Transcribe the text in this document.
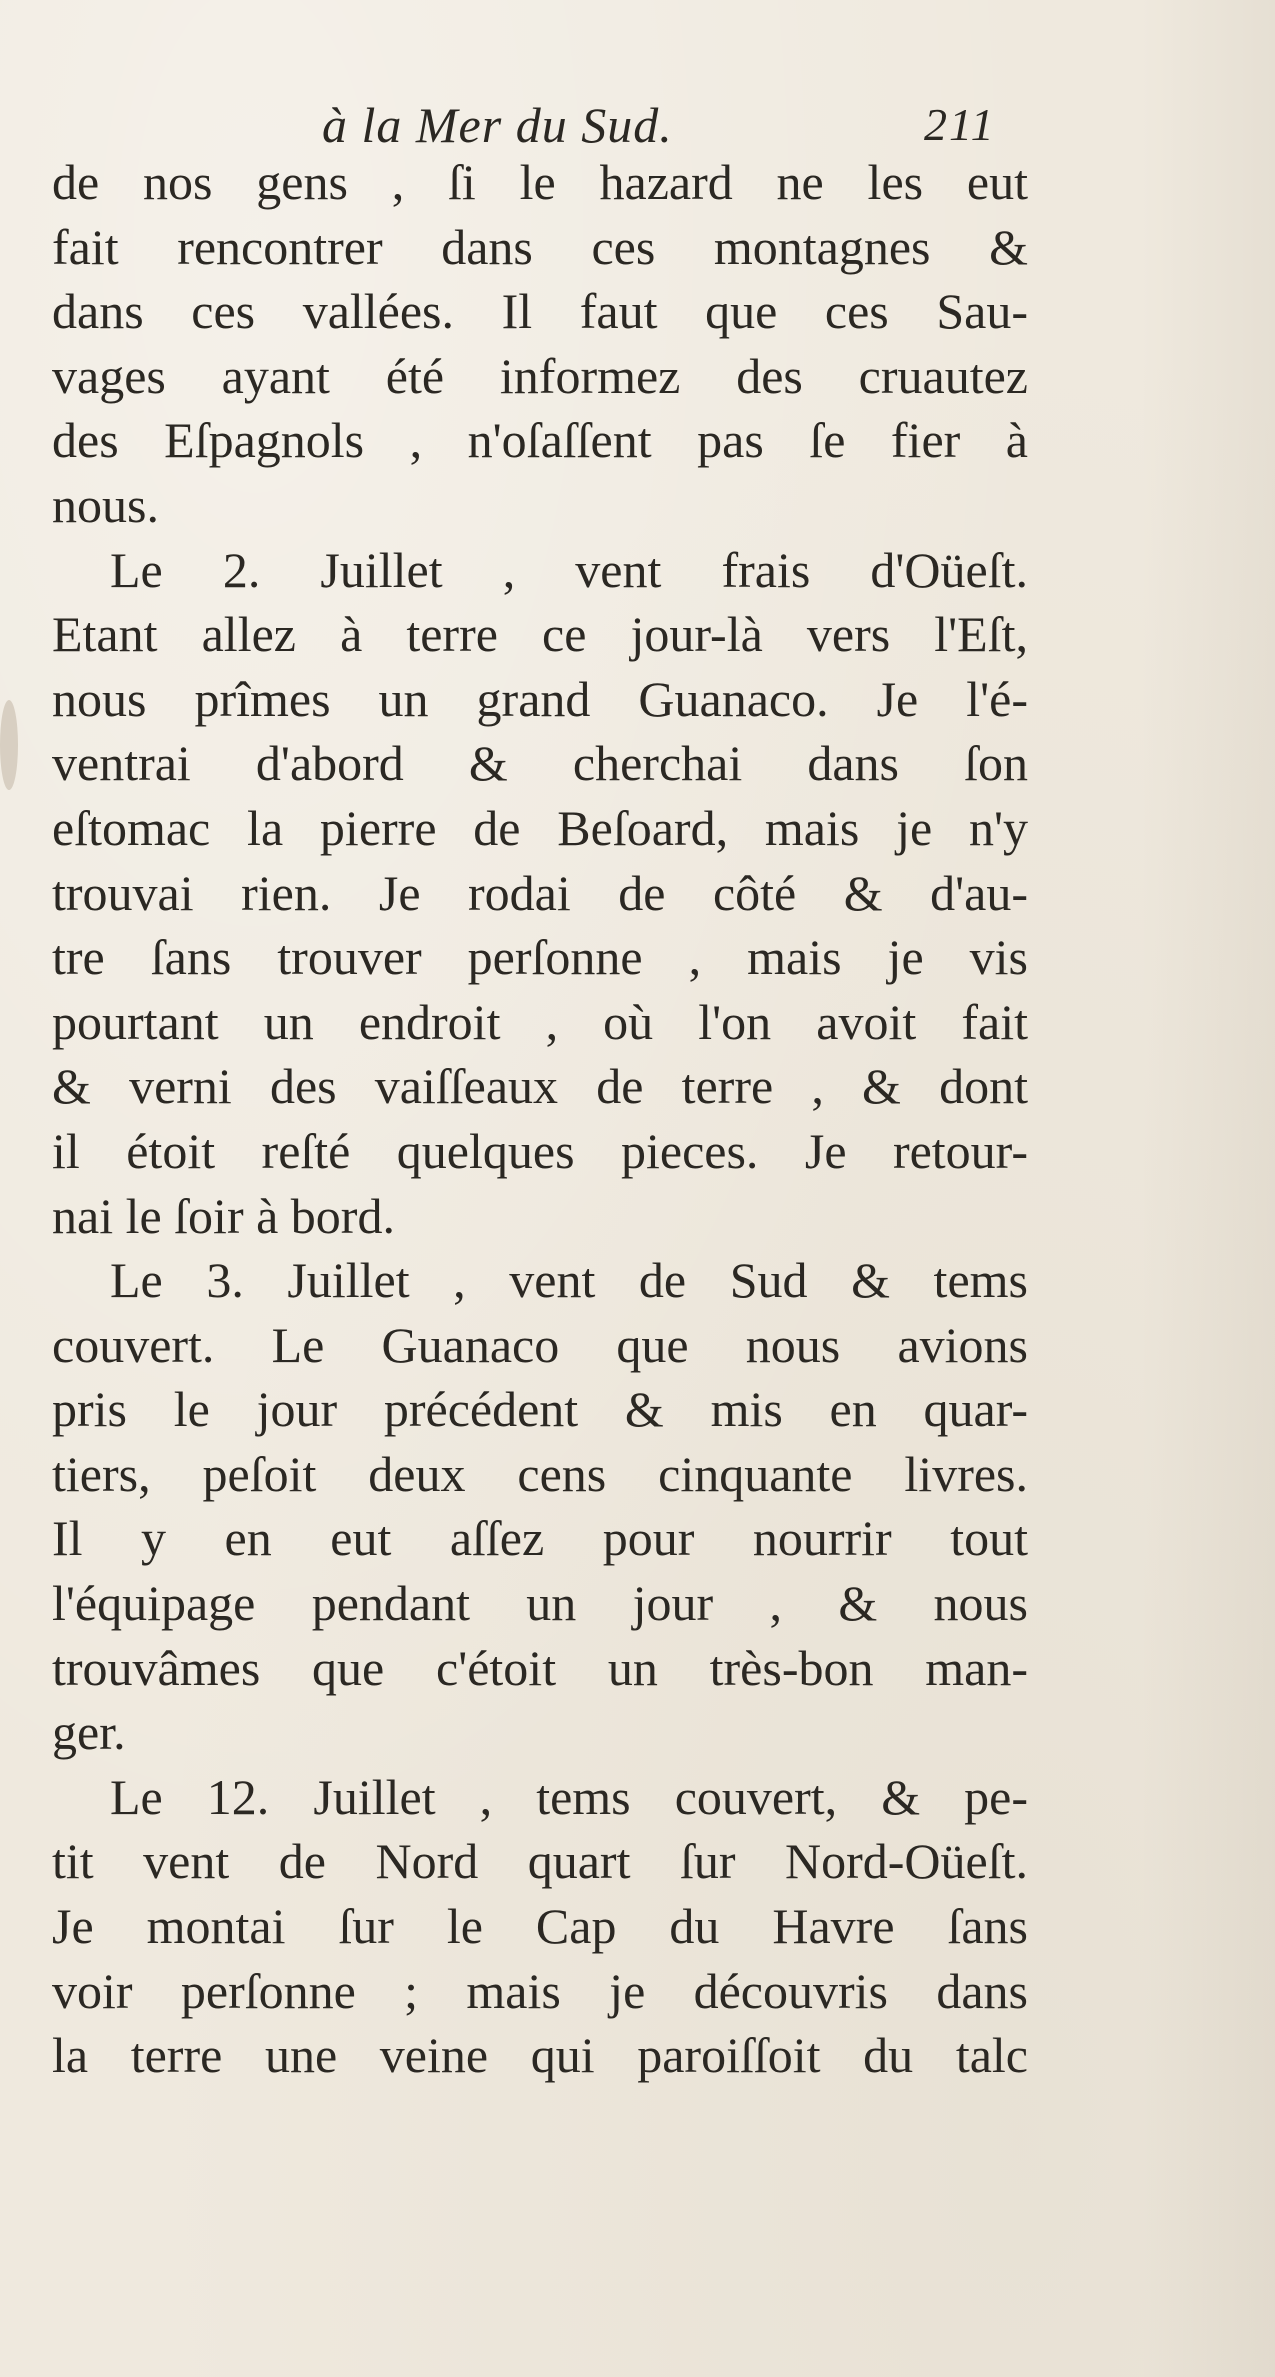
à la Mer du Sud.	211
de nos gens , ſi le hazard ne les eut
fait rencontrer dans ces montagnes &
dans ces vallées. Il faut que ces Sau-
vages ayant été informez des cruautez
des Eſpagnols , n'oſaſſent pas ſe fier à
nous.
Le 2. Juillet , vent frais d'Oüeſt.
Etant allez à terre ce jour-là vers l'Eſt,
nous prîmes un grand Guanaco. Je l'é-
ventrai d'abord & cherchai dans ſon
eſtomac la pierre de Beſoard, mais je n'y
trouvai rien. Je rodai de côté & d'au-
tre ſans trouver perſonne , mais je vis
pourtant un endroit , où l'on avoit fait
& verni des vaiſſeaux de terre , & dont
il étoit reſté quelques pieces. Je retour-
nai le ſoir à bord.
Le 3. Juillet , vent de Sud & tems
couvert. Le Guanaco que nous avions
pris le jour précédent & mis en quar-
tiers, peſoit deux cens cinquante livres.
Il y en eut aſſez pour nourrir tout
l'équipage pendant un jour , & nous
trouvâmes que c'étoit un très-bon man-
ger.
Le 12. Juillet , tems couvert, & pe-
tit vent de Nord quart ſur Nord-Oüeſt.
Je montai ſur le Cap du Havre ſans
voir perſonne ; mais je découvris dans
la terre une veine qui paroiſſoit du talc
